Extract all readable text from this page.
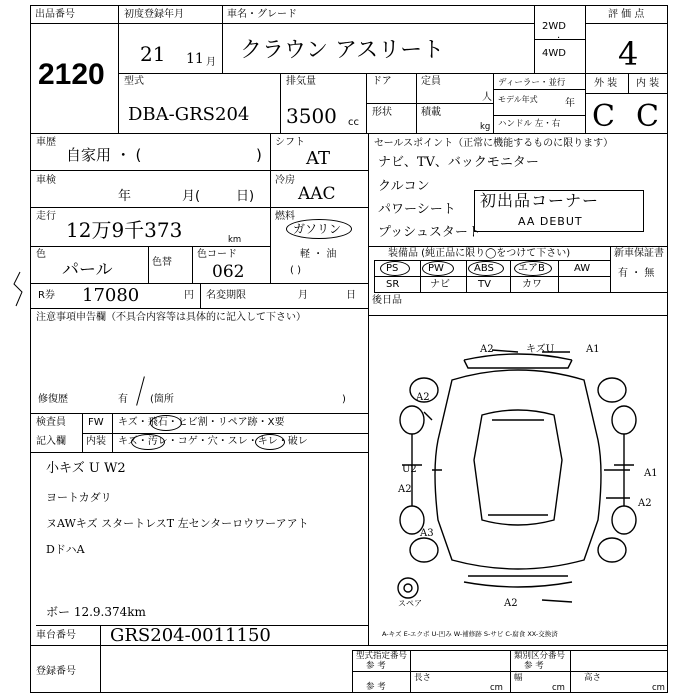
出品番号
2120
初度登録年月
21 11 月
車名・グレード
クラウン アスリート
2WD
·
4WD
評 価 点
4
外 装 内 装
C C
型式
DBA-GRS204
排気量
3500 cc
ドア	定員
人
ディーラー・並行
モデル年式	年
形状	積載
kg ハンドル 左・右
車歴
自家用 ・ (	)
シフト
AT
車検
年	月(	日)
冷房
AAC
走行
12万9千373	km
燃料
ガソリン
軽 ・ 油
( )
色
パール	色替
色コード
062
R券 17080	円 名変期限	月	日
注意事項申告欄（不具合内容等は具体的に記入して下さい）
修復歴	有 (箇所	)
検査員
記入欄
FW キズ・飛石・ヒビ割・リペア跡・X要
内装 キズ・汚レ・コゲ・穴・スレ・キレ・破レ
小キズ U W2
ヨートカダリ
ヌAWキズ スタートレスT 左センターロウワーアアト
DドハA
ボー 12.9.374km
セールスポイント（正常に機能するものに限ります）
ナビ、TV、バックモニター
クルコン
パワーシート
プッシュスタート
初出品コーナー
AA DEBUT
装備品 (純正品に限り◯をつけて下さい)	新車保証書
有 ・ 無
PS	PW	ABS エアB	AW
SR	ナビ	TV	カワ
後日品
A2	キズU	A1
A2
U2
A2
A1
A2
A3
A2
スペア
A-キズ E-エクボ U-凹み W-補修跡 S-サビ C-腐食 XX-交換済
車台番号 GRS204-0011150
登録番号
型式指定番号
参 考
類別区分番号
参 考
参 考
長さ
cm
幅
cm
高さ
cm
